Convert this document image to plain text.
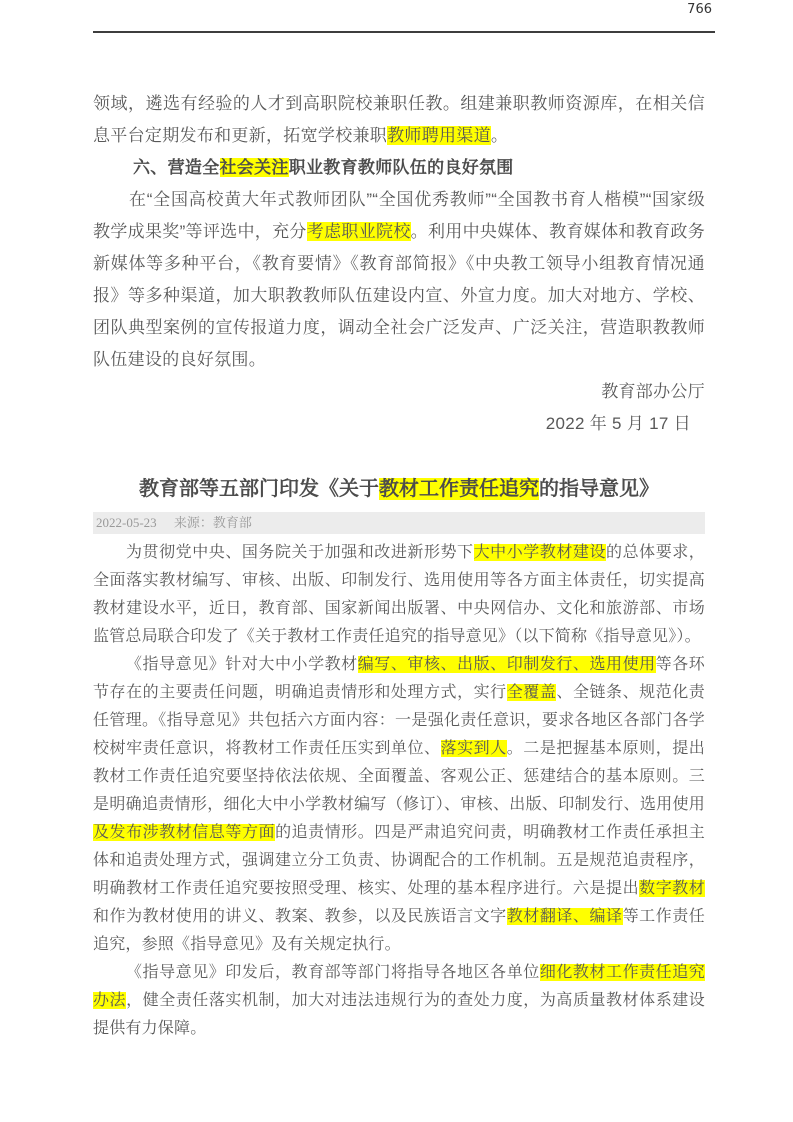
766

领域，遴选有经验的人才到高职院校兼职任教。组建兼职教师资源库，在相关信息平台定期发布和更新，拓宽学校兼职教师聘用渠道。

六、营造全社会关注职业教育教师队伍的良好氛围

在“全国高校黄大年式教师团队”“全国优秀教师”“全国教书育人楷模”“国家级教学成果奖”等评选中，充分考虑职业院校。利用中央媒体、教育媒体和教育政务新媒体等多种平台，《教育要情》《教育部简报》《中央教工领导小组教育情况通报》等多种渠道，加大职教教师队伍建设内宣、外宣力度。加大对地方、学校、团队典型案例的宣传报道力度，调动全社会广泛发声、广泛关注，营造职教教师队伍建设的良好氛围。

教育部办公厅

2022 年 5 月 17 日

教育部等五部门印发《关于教材工作责任追究的指导意见》
2022-05-23 来源：教育部

为贯彻党中央、国务院关于加强和改进新形势下大中小学教材建设的总体要求，全面落实教材编写、审核、出版、印制发行、选用使用等各方面主体责任，切实提高教材建设水平，近日，教育部、国家新闻出版署、中央网信办、文化和旅游部、市场监管总局联合印发了《关于教材工作责任追究的指导意见》（以下简称《指导意见》）。

《指导意见》针对大中小学教材编写、审核、出版、印制发行、选用使用等各环节存在的主要责任问题，明确追责情形和处理方式，实行全覆盖、全链条、规范化责任管理。《指导意见》共包括六方面内容：一是强化责任意识，要求各地区各部门各学校树牢责任意识，将教材工作责任压实到单位、落实到人。二是把握基本原则，提出教材工作责任追究要坚持依法依规、全面覆盖、客观公正、惩建结合的基本原则。三是明确追责情形，细化大中小学教材编写（修订）、审核、出版、印制发行、选用使用及发布涉教材信息等方面的追责情形。四是严肃追究问责，明确教材工作责任承担主体和追责处理方式，强调建立分工负责、协调配合的工作机制。五是规范追责程序，明确教材工作责任追究要按照受理、核实、处理的基本程序进行。六是提出数字教材和作为教材使用的讲义、教案、教参，以及民族语言文字教材翻译、编译等工作责任追究，参照《指导意见》及有关规定执行。

《指导意见》印发后，教育部等部门将指导各地区各单位细化教材工作责任追究办法，健全责任落实机制，加大对违法违规行为的查处力度，为高质量教材体系建设提供有力保障。
